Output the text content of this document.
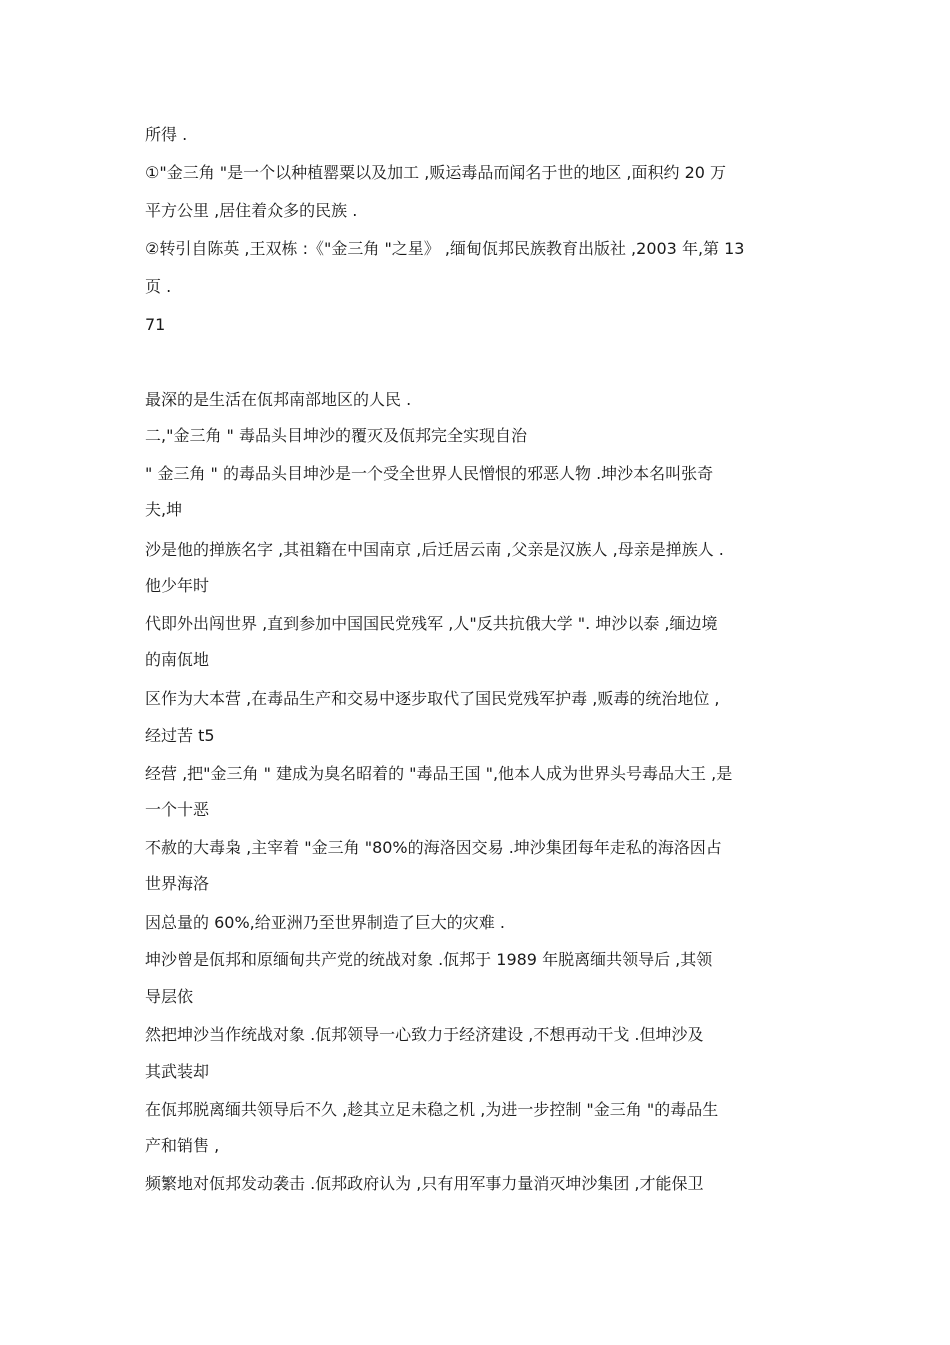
所得 .
①"金三角 "是一个以种植罂粟以及加工 ,贩运毒品而闻名于世的地区 ,面积约 20 万
平方公里 ,居住着众多的民族 .
②转引自陈英 ,王双栋 :《"金三角 "之星》 ,缅甸佤邦民族教育出版社 ,2003 年,第 13
页 .
71
最深的是生活在佤邦南部地区的人民 .
二,"金三角 " 毒品头目坤沙的覆灭及佤邦完全实现自治
" 金三角 " 的毒品头目坤沙是一个受全世界人民憎恨的邪恶人物 .坤沙本名叫张奇
夫,坤
沙是他的掸族名字 ,其祖籍在中国南京 ,后迁居云南 ,父亲是汉族人 ,母亲是掸族人 .
他少年时
代即外出闯世界 ,直到参加中国国民党残军 ,人"反共抗俄大学 ". 坤沙以泰 ,缅边境
的南佤地
区作为大本营 ,在毒品生产和交易中逐步取代了国民党残军护毒 ,贩毒的统治地位 ,
经过苦 t5
经营 ,把"金三角 " 建成为臭名昭着的 "毒品王国 ",他本人成为世界头号毒品大王 ,是
一个十恶
不赦的大毒枭 ,主宰着 "金三角 "80%的海洛因交易 .坤沙集团每年走私的海洛因占
世界海洛
因总量的 60%,给亚洲乃至世界制造了巨大的灾难 .
坤沙曾是佤邦和原缅甸共产党的统战对象 .佤邦于 1989 年脱离缅共领导后 ,其领
导层依
然把坤沙当作统战对象 .佤邦领导一心致力于经济建设 ,不想再动干戈 .但坤沙及
其武装却
在佤邦脱离缅共领导后不久 ,趁其立足未稳之机 ,为进一步控制 "金三角 "的毒品生
产和销售 ,
频繁地对佤邦发动袭击 .佤邦政府认为 ,只有用军事力量消灭坤沙集团 ,才能保卫
